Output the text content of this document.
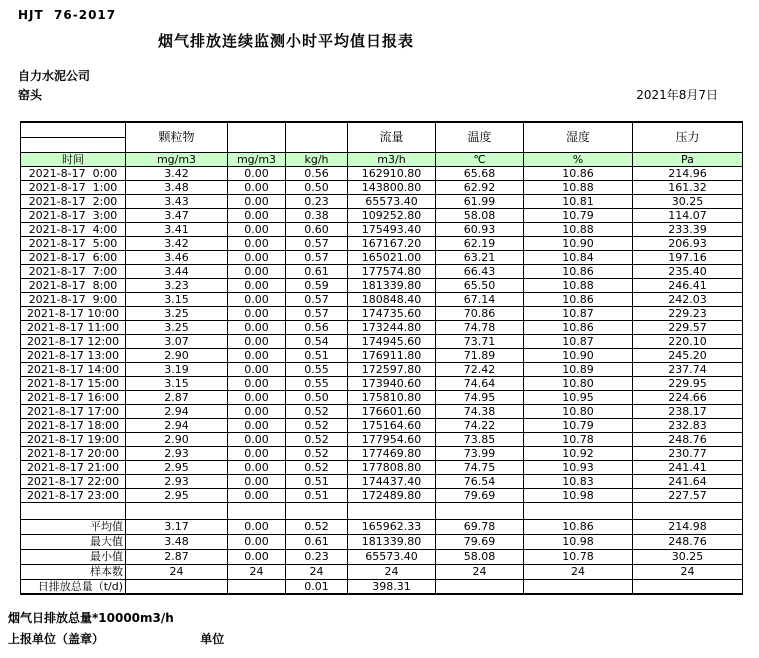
HJT  76-2017
烟气排放连续监测小时平均值日报表
自力水泥公司
窑头	2021年8月7日
	颗粒物			流量	温度	湿度	压力

时间	mg/m3	mg/m3	kg/h	m3/h	℃	%	Pa
2021-8-17  0:00	3.42	0.00	0.56	162910.80	65.68	10.86	214.96
2021-8-17  1:00	3.48	0.00	0.50	143800.80	62.92	10.88	161.32
2021-8-17  2:00	3.43	0.00	0.23	65573.40	61.99	10.81	30.25
2021-8-17  3:00	3.47	0.00	0.38	109252.80	58.08	10.79	114.07
2021-8-17  4:00	3.41	0.00	0.60	175493.40	60.93	10.88	233.39
2021-8-17  5:00	3.42	0.00	0.57	167167.20	62.19	10.90	206.93
2021-8-17  6:00	3.46	0.00	0.57	165021.00	63.21	10.84	197.16
2021-8-17  7:00	3.44	0.00	0.61	177574.80	66.43	10.86	235.40
2021-8-17  8:00	3.23	0.00	0.59	181339.80	65.50	10.88	246.41
2021-8-17  9:00	3.15	0.00	0.57	180848.40	67.14	10.86	242.03
2021-8-17 10:00	3.25	0.00	0.57	174735.60	70.86	10.87	229.23
2021-8-17 11:00	3.25	0.00	0.56	173244.80	74.78	10.86	229.57
2021-8-17 12:00	3.07	0.00	0.54	174945.60	73.71	10.87	220.10
2021-8-17 13:00	2.90	0.00	0.51	176911.80	71.89	10.90	245.20
2021-8-17 14:00	3.19	0.00	0.55	172597.80	72.42	10.89	237.74
2021-8-17 15:00	3.15	0.00	0.55	173940.60	74.64	10.80	229.95
2021-8-17 16:00	2.87	0.00	0.50	175810.80	74.95	10.95	224.66
2021-8-17 17:00	2.94	0.00	0.52	176601.60	74.38	10.80	238.17
2021-8-17 18:00	2.94	0.00	0.52	175164.60	74.22	10.79	232.83
2021-8-17 19:00	2.90	0.00	0.52	177954.60	73.85	10.78	248.76
2021-8-17 20:00	2.93	0.00	0.52	177469.80	73.99	10.92	230.77
2021-8-17 21:00	2.95	0.00	0.52	177808.80	74.75	10.93	241.41
2021-8-17 22:00	2.93	0.00	0.51	174437.40	76.54	10.83	241.64
2021-8-17 23:00	2.95	0.00	0.51	172489.80	79.69	10.98	227.57

平均值	3.17	0.00	0.52	165962.33	69.78	10.86	214.98

最大值	3.48	0.00	0.61	181339.80	79.69	10.98	248.76

最小值	2.87	0.00	0.23	65573.40	58.08	10.78	30.25

样本数	24	24	24	24	24	24	24

日排放总量（t/d)			0.01	398.31			
烟气日排放总量*10000m3/h
上报单位（盖章）	单位
